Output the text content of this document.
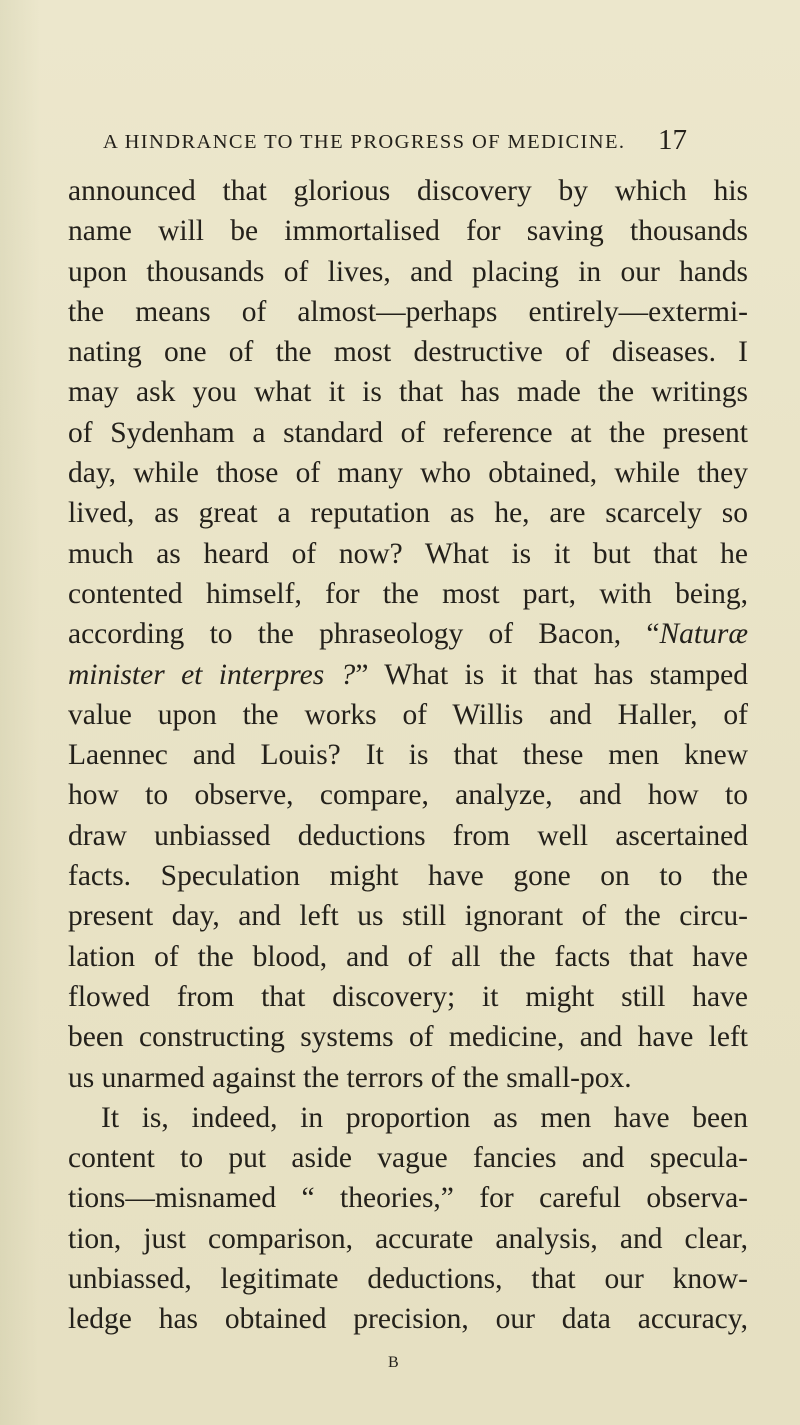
A HINDRANCE TO THE PROGRESS OF MEDICINE. 17
announced that glorious discovery by which his
name will be immortalised for saving thousands
upon thousands of lives, and placing in our hands
the means of almost—perhaps entirely—extermi-
nating one of the most destructive of diseases. I
may ask you what it is that has made the writings
of Sydenham a standard of reference at the present
day, while those of many who obtained, while they
lived, as great a reputation as he, are scarcely so
much as heard of now? What is it but that he
contented himself, for the most part, with being,
according to the phraseology of Bacon, “Naturæ
minister et interpres ?” What is it that has stamped
value upon the works of Willis and Haller, of
Laennec and Louis? It is that these men knew
how to observe, compare, analyze, and how to
draw unbiassed deductions from well ascertained
facts. Speculation might have gone on to the
present day, and left us still ignorant of the circu-
lation of the blood, and of all the facts that have
flowed from that discovery; it might still have
been constructing systems of medicine, and have left
us unarmed against the terrors of the small-pox.
It is, indeed, in proportion as men have been
content to put aside vague fancies and specula-
tions—misnamed “ theories,” for careful observa-
tion, just comparison, accurate analysis, and clear,
unbiassed, legitimate deductions, that our know-
ledge has obtained precision, our data accuracy,
B
